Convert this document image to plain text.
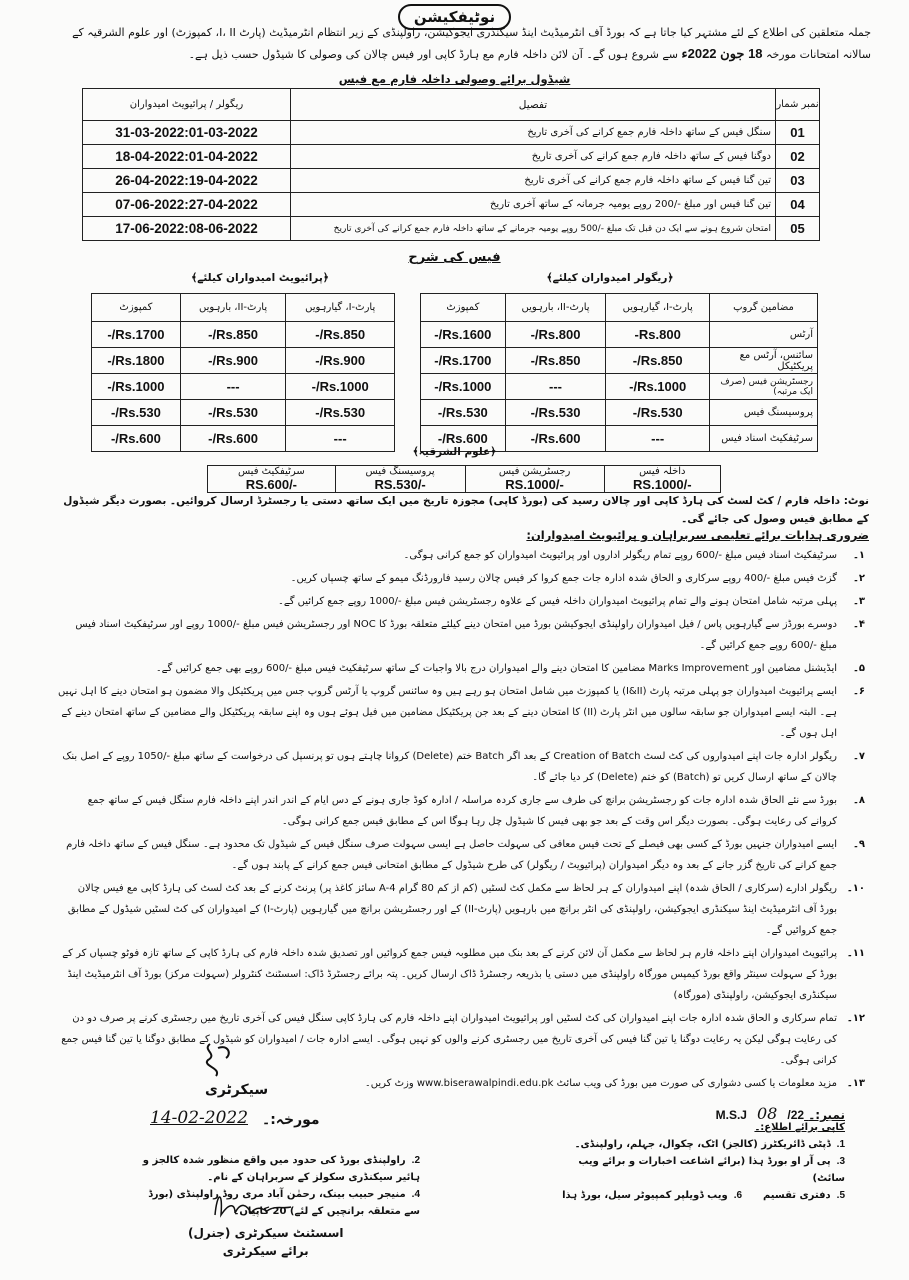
نوٹیفکیشن
جملہ متعلقین کی اطلاع کے لئے مشتہر کیا جاتا ہے کہ بورڈ آف انٹرمیڈیٹ اینڈ سیکنڈری ایجوکیشن، راولپنڈی کے زیر انتظام انٹرمیڈیٹ (پارٹ I، II، کمپوزٹ) اور علوم الشرقیہ کے
سالانہ امتحانات مورخہ 18 جون 2022ء سے شروع ہوں گے۔ آن لائن داخلہ فارم مع ہارڈ کاپی اور فیس چالان کی وصولی کا شیڈول حسب ذیل ہے۔
شیڈول برائے وصولی داخلہ فارم مع فیس
نمبر شمار	تفصیل	ریگولر / پرائیویٹ امیدواران
01	سنگل فیس کے ساتھ داخلہ فارم جمع کرانے کی آخری تاریخ	31-03-2022:01-03-2022
02	دوگنا فیس کے ساتھ داخلہ فارم جمع کرانے کی آخری تاریخ	18-04-2022:01-04-2022
03	تین گنا فیس کے ساتھ داخلہ فارم جمع کرانے کی آخری تاریخ	26-04-2022:19-04-2022
04	تین گنا فیس اور مبلغ -/200 روپے یومیہ جرمانہ کے ساتھ آخری تاریخ	07-06-2022:27-04-2022
05	امتحان شروع ہونے سے ایک دن قبل تک مبلغ -/500 روپے یومیہ جرمانے کے ساتھ داخلہ فارم جمع کرانے کی آخری تاریخ	17-06-2022:08-06-2022
فیس کی شرح
﴿ریگولر امیدواران کیلئے﴾
﴿پرائیویٹ امیدواران کیلئے﴾
مضامین گروپ	پارٹ-I، گیارہویں	پارٹ-II، بارہویں	کمپوزٹ
آرٹس	Rs.800-	Rs.800/-	Rs.1600/-
سائنس، آرٹس مع پریکٹیکل	Rs.850/-	Rs.850/-	Rs.1700/-
رجسٹریشن فیس (صرف ایک مرتبہ)	Rs.1000/-	---	Rs.1000/-
پروسیسنگ فیس	Rs.530/-	Rs.530/-	Rs.530/-
سرٹیفکیٹ اسناد فیس	---	Rs.600/-	Rs.600/-
پارٹ-I، گیارہویں	پارٹ-II، بارہویں	کمپوزٹ
Rs.850/-	Rs.850/-	Rs.1700/-
Rs.900/-	Rs.900/-	Rs.1800/-
Rs.1000/-	---	Rs.1000/-
Rs.530/-	Rs.530/-	Rs.530/-
---	Rs.600/-	Rs.600/-
﴿علوم الشرقیہ﴾
داخلہ فیس RS.1000/-	رجسٹریشن فیس RS.1000/-	پروسیسنگ فیس RS.530/-	سرٹیفکیٹ فیس RS.600/-
نوٹ: داخلہ فارم / کٹ لسٹ کی ہارڈ کاپی اور چالان رسید کی (بورڈ کاپی) مجوزہ تاریخ میں ایک ساتھ دستی یا رجسٹرڈ ارسال کروائیں۔ بصورت دیگر شیڈول کے مطابق فیس وصول کی جائے گی۔
ضروری ہدایات برائے تعلیمی سربراہان و پرائیویٹ امیدواران:
۱۔
سرٹیفکیٹ اسناد فیس مبلغ -/600 روپے تمام ریگولر اداروں اور پرائیویٹ امیدواران کو جمع کرانی ہوگی۔
۲۔
گزٹ فیس مبلغ -/400 روپے سرکاری و الحاق شدہ ادارہ جات جمع کروا کر فیس چالان رسید فارورڈنگ میمو کے ساتھ چسپاں کریں۔
۳۔
پہلی مرتبہ شامل امتحان ہونے والے تمام پرائیویٹ امیدواران داخلہ فیس کے علاوہ رجسٹریشن فیس مبلغ -/1000 روپے جمع کرائیں گے۔
۴۔
دوسرے بورڈز سے گیارہویں پاس / فیل امیدواران راولپنڈی ایجوکیشن بورڈ میں امتحان دینے کیلئے متعلقہ بورڈ کا NOC اور رجسٹریشن فیس مبلغ -/1000 روپے اور سرٹیفکیٹ اسناد فیس مبلغ -/600 روپے جمع کرائیں گے۔
۵۔
ایڈیشنل مضامین اور Marks Improvement مضامین کا امتحان دینے والے امیدواران درج بالا واجبات کے ساتھ سرٹیفکیٹ فیس مبلغ -/600 روپے بھی جمع کرائیں گے۔
۶۔
ایسے پرائیویٹ امیدواران جو پہلی مرتبہ پارٹ (I&II) یا کمپوزٹ میں شامل امتحان ہو رہے ہیں وہ سائنس گروپ یا آرٹس گروپ جس میں پریکٹیکل والا مضمون ہو امتحان دینے کا اہل نہیں ہے۔ البتہ ایسے امیدواران جو سابقہ سالوں میں انٹر پارٹ (II) کا امتحان دینے کے بعد جن پریکٹیکل مضامین میں فیل ہوئے ہوں وہ اپنے سابقہ پریکٹیکل والے مضامین کے ساتھ امتحان دینے کے اہل ہوں گے۔
۷۔
ریگولر ادارہ جات اپنے امیدواروں کی کٹ لسٹ Creation of Batch کے بعد اگر Batch ختم (Delete) کروانا چاہتے ہوں تو پرنسپل کی درخواست کے ساتھ مبلغ -/1050 روپے کے اصل بنک چالان کے ساتھ ارسال کریں تو (Batch) کو ختم (Delete) کر دیا جائے گا۔
۸۔
بورڈ سے نئے الحاق شدہ ادارہ جات کو رجسٹریشن برانچ کی طرف سے جاری کردہ مراسلہ / ادارہ کوڈ جاری ہونے کے دس ایام کے اندر اندر اپنے داخلہ فارم سنگل فیس کے ساتھ جمع کروانے کی رعایت ہوگی۔ بصورت دیگر اس وقت کے بعد جو بھی فیس کا شیڈول چل رہا ہوگا اس کے مطابق فیس جمع کرانی ہوگی۔
۹۔
ایسے امیدواران جنہیں بورڈ کے کسی بھی فیصلے کے تحت فیس معافی کی سہولت حاصل ہے ایسی سہولت صرف سنگل فیس کے شیڈول تک محدود ہے۔ سنگل فیس کے ساتھ داخلہ فارم جمع کرانے کی تاریخ گزر جانے کے بعد وہ دیگر امیدواران (پرائیویٹ / ریگولر) کی طرح شیڈول کے مطابق امتحانی فیس جمع کرانے کے پابند ہوں گے۔
۱۰۔
ریگولر ادارے (سرکاری / الحاق شدہ) اپنے امیدواران کے ہر لحاظ سے مکمل کٹ لسٹیں (کم از کم 80 گرام A-4 سائز کاغذ پر) پرنٹ کرنے کے بعد کٹ لسٹ کی ہارڈ کاپی مع فیس چالان بورڈ آف انٹرمیڈیٹ اینڈ سیکنڈری ایجوکیشن، راولپنڈی کی انٹر برانچ میں بارہویں (پارٹ-II) کے اور رجسٹریشن برانچ میں گیارہویں (پارٹ-I) کے امیدواران کی کٹ لسٹیں شیڈول کے مطابق جمع کروائیں گے۔
۱۱۔
پرائیویٹ امیدواران اپنے داخلہ فارم ہر لحاظ سے مکمل آن لائن کرنے کے بعد بنک میں مطلوبہ فیس جمع کروائیں اور تصدیق شدہ داخلہ فارم کی ہارڈ کاپی کے ساتھ تازہ فوٹو چسپاں کر کے بورڈ کے سہولت سینٹر واقع بورڈ کیمپس مورگاہ راولپنڈی میں دستی یا بذریعہ رجسٹرڈ ڈاک ارسال کریں۔ پتہ برائے رجسٹرڈ ڈاک: اسسٹنٹ کنٹرولر (سہولت مرکز) بورڈ آف انٹرمیڈیٹ اینڈ سیکنڈری ایجوکیشن، راولپنڈی (مورگاہ)
۱۲۔
تمام سرکاری و الحاق شدہ ادارہ جات اپنے امیدواران کی کٹ لسٹیں اور پرائیویٹ امیدواران اپنے داخلہ فارم کی ہارڈ کاپی سنگل فیس کی آخری تاریخ میں رجسٹری کرنے پر صرف دو دن کی رعایت ہوگی لیکن یہ رعایت دوگنا یا تین گنا فیس کی آخری تاریخ میں رجسٹری کرنے والوں کو نہیں ہوگی۔ ایسے ادارہ جات / امیدواران کو شیڈول کے مطابق دوگنا یا تین گنا فیس جمع کرانی ہوگی۔
۱۳۔
مزید معلومات یا کسی دشواری کی صورت میں بورڈ کی ویب سائٹ www.biserawalpindi.edu.pk وزٹ کریں۔
سیکرٹری
14-02-2022 مورخہ:۔	نمبر:۔ M.S.J 08 /22
کاپی برائے اطلاع:۔
1.ڈپٹی ڈائریکٹرز (کالجز) اٹک، چکوال، جہلم، راولپنڈی۔
3.پی آر او بورڈ ہذا (برائے اشاعت اخبارات و برائے ویب سائٹ)
5.دفتری تقسیم      6.ویب ڈویلپر کمپیوٹر سیل، بورڈ ہذا
2.راولپنڈی بورڈ کی حدود میں واقع منظور شدہ کالجز و ہائیر سیکنڈری سکولز کے سربراہان کے نام۔
4.منیجر حبیب بینک، رحمٰن آباد مری روڈ راولپنڈی (بورڈ سے متعلقہ برانچیں کے لئے) 20 کاپیاں۔
اسسٹنٹ سیکرٹری (جنرل)
برائے سیکرٹری
